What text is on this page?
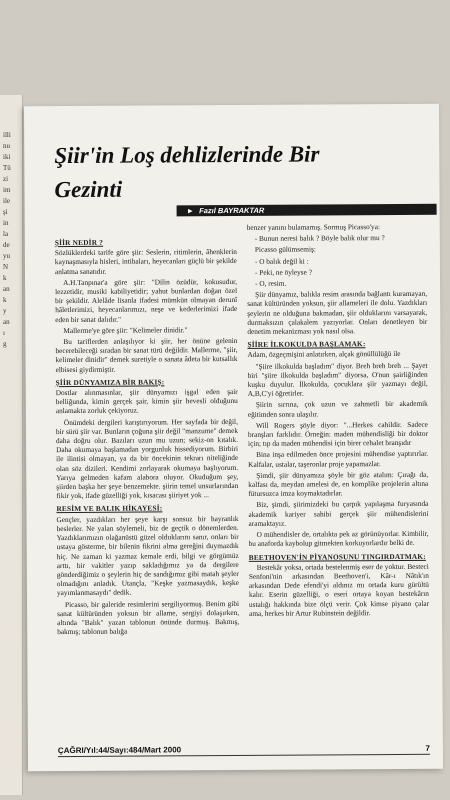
illi
nu
iki
Tü
zi
im
ile
şi
in
la
de
yu
N
k
an
k
y
an
ı
g

Şiir'in Loş dehlizlerinde Bir Gezinti
► Fazıl BAYRAKTAR
ŞİİR NEDİR ?
Sözlüklerdeki tarife göre şiir: Seslerin, ritimlerin, âhenklerin kaynaşmasıyla hisleri, intibaları, heyecanları güçlü bir şekilde anlatma sanatıdır.
A.H.Tanpınar'a göre şiir: "Dilin özüdür, kokusudur, lezzetidir, musiki kabiliyetidir; yahut bunlardan doğan özel bir şekildir. Alelâde lisanla ifadesi mümkün olmayan derunî hâletlerimizi, heyecanlarımızı, neşe ve kederlerimizi ifade eden bir sanat dalıdır."
Mallerme'ye göre şiir: "Kelimeler dinidir."
Bu tariflerden anlaşılıyor ki şiir, her önüne gelenin becerebileceği sıradan bir sanat türü değildir. Mallerme, "şiir, kelimeler dinidir" demek suretiyle o sanata âdeta bir kutsallık elbisesi giydirmiştir.
ŞİİR DÜNYAMIZA BİR BAKIŞ:
Dostlar alınmasınlar, şiir dünyamızı işgal eden şair belliğunda, kimin gerçek şair, kimin şiir hevesli olduğunu anlamakta zorluk çekiyoruz.
Önümdeki dergileri karıştırıyorum. Her sayfada bir değil, bir sürü şiir var. Bunların çoğuna şiir değil "manzume" demek daha doğru olur. Bazıları uzun mu uzun; sekiz-on kıtalık. Daha okumaya başlamadan yorgunluk hissediyorum. Birbiri ile ilintisi olmayan, ya da bir öncekinin tekrarı niteliğinde olan söz dizileri. Kendimi zorlayarak okumaya başlıyorum. Yarıya gelmeden kafam alabora oluyor. Okuduğum şey, şiirden başka her şeye benzemekte. şiirin temel unsurlarından fikir yok, ifade güzelliği yok, kısacası şiiriyet yok ...
RESİM VE BALIK HİKAYESİ:
Gençler, yazdıkları her şeye karşı sonsuz bir hayranlık beslerler. Ne yalan söylemeli, biz de geçtik o dönemlerden. Yazdıklarımızın olağanüstü güzel olduklarını sanır, onları bir ustaya gösterme, bir bilenin fikrini alma gereğini duymazdık hiç. Ne zaman ki yazmaz kemale erdi, bilgi ve görgümüz arttı, bir vakitler yazıp sakladığımız ya da dergilere gönderdiğimiz o şeylerin hiç de sandığımız gibi matah şeyler olmadığını anladık. Utançla, "Keşke yazmasaydık, keşke yayımlanmasaydı" dedik.
Picasso, bir galeride resimlerini sergiliyormuş. Benim gibi sanat kültüründen yoksun bir allame, sergiyi dolaşırken, altında "Balık" yazan tablonun önünde durmuş. Bakmış, bakmış; tablonun balığa
benzer yanını bulamamış. Sormuş Picasso'ya:
- Bunun neresi balık ? Böyle balık olur mu ?
Picasso gülümsemiş:
- O balık değil ki :
- Peki, ne öyleyse ?
- O, resim.
Şiir dünyamız, balıkla resim arasında bağlantı kuramayan, sanat kültüründen yoksun, şiir allameleri ile dolu. Yazdıkları şeylerin ne olduğuna bakmadan, şiir olduklarını varsayarak, durmaksızın çalakalem yazıyorlar. Onları denetleyen bir denetim mekanizması yok nasıl olsa.
ŞİİRE İLKOKULDA BAŞLAMAK:
Adam, özgeçmişini anlatırken, alçak gönüllülüğü ile
"Şiire ilkokulda başladım" diyor. Breh breh breh ... Şayet biri "şiire ilkokulda başladım" diyorsa, O'nun şairliğinden kuşku duyulur. İlkokulda, çocuklara şiir yazmayı değil, A,B,C'yi öğretirler.
Şiirin sırrına, çok uzun ve zahmetli bir akademik eğitimden sonra ulaşılır.
Will Rogers şöyle diyor: "...Herkes cahildir. Sadece branşları farklıdır. Örneğin: maden mühendisliği bir doktor için; tıp da maden mühendisi için birer cehalet branşıdır
Bina inşa edilmeden önce projesini mühendise yaptırırlar. Kalfalar, ustalar, taşeronlar proje yapamazlar.
Şimdi, şiir dünyamıza şöyle bir göz atalım: Çırağı da, kalfası da, meydan amelesi de, en komplike projelerin altına fütursuzca imza koymaktadırlar.
Biz, şimdi, şiirimizdeki bu çarpık yapılaşma furyasında akademik kariyer sahibi gerçek şiir mühendislerini aramaktayız.
O mühendisler de, ortalıkta pek az görünüyorlar. Kimbilir, bu anaforda kaybolup gitmekten korkuyorlardır belki de.
BEETHOVEN'İN PİYANOSUNU TINGIRDATMAK:
Bestekâr yoksa, ortada bestelenmiş eser de yoktur. Besteci Senfoni'nin arkasından Beethoven'i, Kâr-ı Nâtık'ın arkasından Dede efendi'yi aldınız mı ortada kuru gürültü kalır. Eserin güzelliği, o eseri ortaya koyan bestekârın ustalığı hakkında bize ölçü verir. Çok kimse piyano çalar ama, herkes bir Artur Rubinstein değildir.
ÇAĞRI/Yıl:44/Sayı:484/Mart 2000	7
